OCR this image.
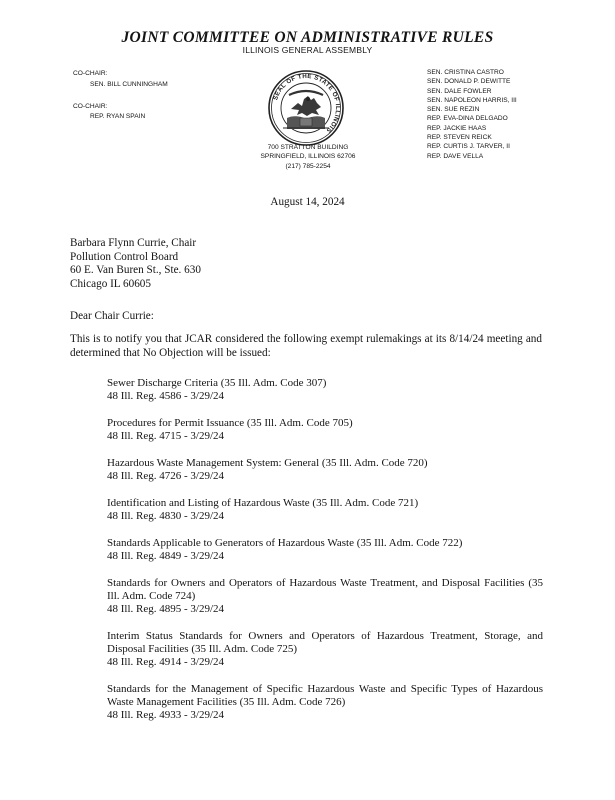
JOINT COMMITTEE ON ADMINISTRATIVE RULES
ILLINOIS GENERAL ASSEMBLY
CO-CHAIR:
SEN. BILL CUNNINGHAM
CO-CHAIR:
REP. RYAN SPAIN
SEAL OF THE STATE OF ILLINOIS
SEN. CRISTINA CASTRO
SEN. DONALD P. DEWITTE
SEN. DALE FOWLER
SEN. NAPOLEON HARRIS, III
SEN. SUE REZIN
REP. EVA-DINA DELGADO
REP. JACKIE HAAS
REP. STEVEN REICK
REP. CURTIS J. TARVER, II
REP. DAVE VELLA
700 STRATTON BUILDING
SPRINGFIELD, ILLINOIS 62706
(217) 785-2254
August 14, 2024
Barbara Flynn Currie, Chair
Pollution Control Board
60 E. Van Buren St., Ste. 630
Chicago IL 60605
Dear Chair Currie:
This is to notify you that JCAR considered the following exempt rulemakings at its 8/14/24 meeting and determined that No Objection will be issued:
Sewer Discharge Criteria (35 Ill. Adm. Code 307)
48 Ill. Reg. 4586 - 3/29/24
Procedures for Permit Issuance (35 Ill. Adm. Code 705)
48 Ill. Reg. 4715 - 3/29/24
Hazardous Waste Management System: General (35 Ill. Adm. Code 720)
48 Ill. Reg. 4726 - 3/29/24
Identification and Listing of Hazardous Waste (35 Ill. Adm. Code 721)
48 Ill. Reg. 4830 - 3/29/24
Standards Applicable to Generators of Hazardous Waste (35 Ill. Adm. Code 722)
48 Ill. Reg. 4849 - 3/29/24
Standards for Owners and Operators of Hazardous Waste Treatment, and Disposal Facilities (35 Ill. Adm. Code 724)
48 Ill. Reg. 4895 - 3/29/24
Interim Status Standards for Owners and Operators of Hazardous Treatment, Storage, and Disposal Facilities (35 Ill. Adm. Code 725)
48 Ill. Reg. 4914 - 3/29/24
Standards for the Management of Specific Hazardous Waste and Specific Types of Hazardous Waste Management Facilities (35 Ill. Adm. Code 726)
48 Ill. Reg. 4933 - 3/29/24
